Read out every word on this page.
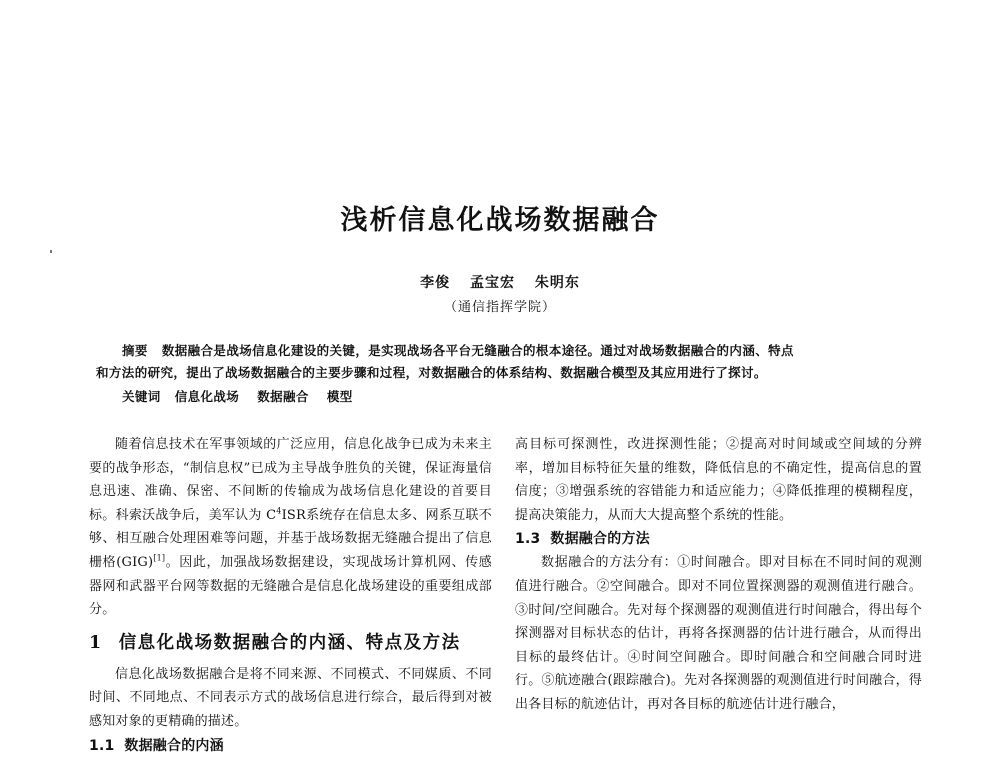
浅析信息化战场数据融合
李俊 孟宝宏 朱明东
（通信指挥学院）

摘要 数据融合是战场信息化建设的关键，是实现战场各平台无缝融合的根本途径。通过对战场数据融合的内涵、特点

和方法的研究，提出了战场数据融合的主要步骤和过程，对数据融合的体系结构、数据融合模型及其应用进行了探讨。

关键词 信息化战场 数据融合 模型

随着信息技术在军事领域的广泛应用，信息化战争已成为未来主要的战争形态，“制信息权”已成为主导战争胜负的关键，保证海量信息迅速、准确、保密、不间断的传输成为战场信息化建设的首要目标。科索沃战争后，美军认为 $C^4ISR$系统存在信息太多、网系互联不够、相互融合处理困难等问题，并基于战场数据无缝融合提出了信息栅格(GIG)[1]。因此，加强战场数据建设，实现战场计算机网、传感器网和武器平台网等数据的无缝融合是信息化战场建设的重要组成部分。

1 信息化战场数据融合的内涵、特点及方法

信息化战场数据融合是将不同来源、不同模式、不同媒质、不同时间、不同地点、不同表示方式的战场信息进行综合，最后得到对被感知对象的更精确的描述。

1.1 数据融合的内涵

高目标可探测性，改进探测性能；②提高对时间域或空间域的分辨率，增加目标特征矢量的维数，降低信息的不确定性，提高信息的置信度；③增强系统的容错能力和适应能力；④降低推理的模糊程度，提高决策能力，从而大大提高整个系统的性能。

1.3 数据融合的方法

数据融合的方法分有：①时间融合。即对目标在不同时间的观测值进行融合。②空间融合。即对不同位置探测器的观测值进行融合。③时间/空间融合。先对每个探测器的观测值进行时间融合，得出每个探测器对目标状态的估计，再将各探测器的估计进行融合，从而得出目标的最终估计。④时间空间融合。即时间融合和空间融合同时进行。⑤航迹融合(跟踪融合)。先对各探测器的观测值进行时间融合，得出各目标的航迹估计，再对各目标的航迹估计进行融合，
